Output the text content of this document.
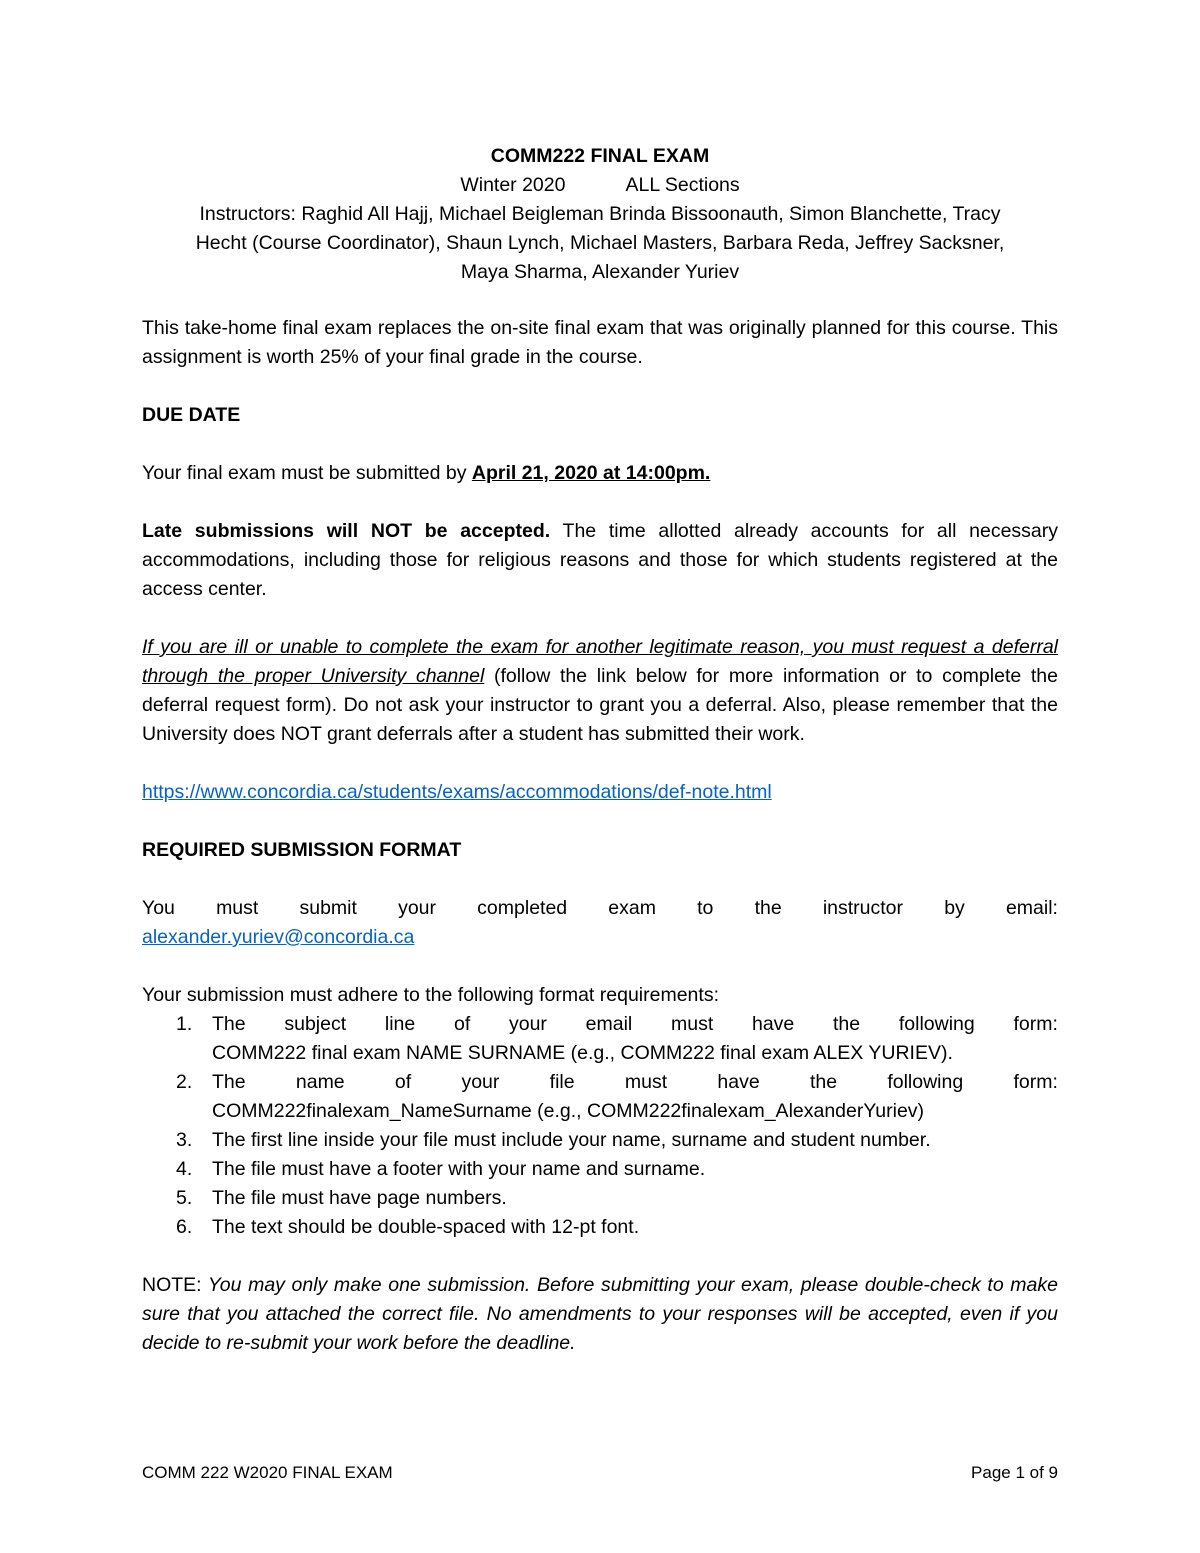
COMM222 FINAL EXAM

Winter 2020	ALL Sections

Instructors: Raghid All Hajj, Michael Beigleman Brinda Bissoonauth, Simon Blanchette, Tracy

Hecht (Course Coordinator), Shaun Lynch, Michael Masters, Barbara Reda, Jeffrey Sacksner,

Maya Sharma, Alexander Yuriev

This take-home final exam replaces the on-site final exam that was originally planned for this course. This assignment is worth 25% of your final grade in the course.

DUE DATE

Your final exam must be submitted by April 21, 2020 at 14:00pm.

Late submissions will NOT be accepted. The time allotted already accounts for all necessary accommodations, including those for religious reasons and those for which students registered at the access center.

If you are ill or unable to complete the exam for another legitimate reason, you must request a deferral through the proper University channel (follow the link below for more information or to complete the deferral request form). Do not ask your instructor to grant you a deferral. Also, please remember that the University does NOT grant deferrals after a student has submitted their work.

https://www.concordia.ca/students/exams/accommodations/def-note.html

REQUIRED SUBMISSION FORMAT

You must submit your completed exam to the instructor by email:
alexander.yuriev@concordia.ca

Your submission must adhere to the following format requirements:

1.	The subject line of your email must have the following form:
COMM222 final exam NAME SURNAME (e.g., COMM222 final exam ALEX YURIEV).
2.	The	name	of	your	file	must	have	the	following	form:
COMM222finalexam_NameSurname (e.g., COMM222finalexam_AlexanderYuriev)
3.	The first line inside your file must include your name, surname and student number.
4.	The file must have a footer with your name and surname.
5.	The file must have page numbers.
6.	The text should be double-spaced with 12-pt font.

NOTE: You may only make one submission. Before submitting your exam, please double-check to make sure that you attached the correct file. No amendments to your responses will be accepted, even if you decide to re-submit your work before the deadline.

COMM 222 W2020 FINAL EXAM	Page 1 of 9
